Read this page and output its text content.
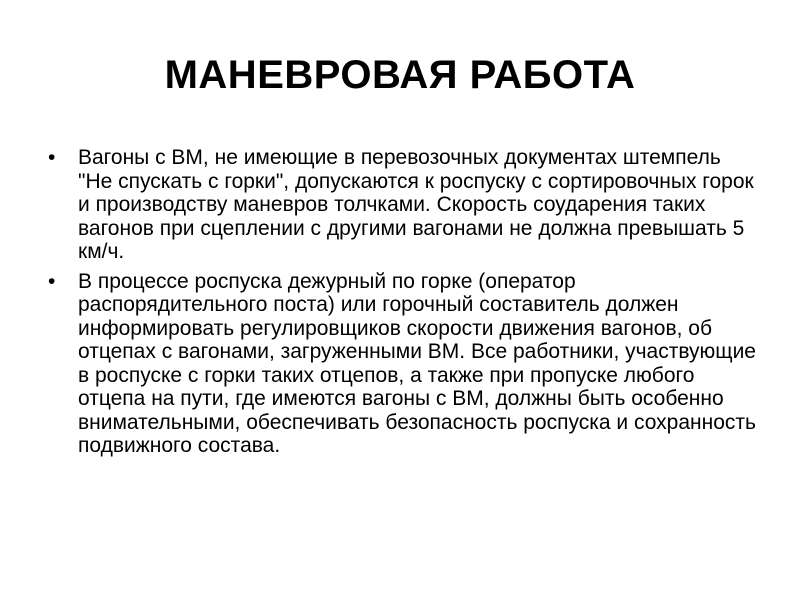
МАНЕВРОВАЯ РАБОТА
•	Вагоны с ВМ, не имеющие в перевозочных документах штемпель "Не спускать с горки", допускаются к роспуску с сортировочных горок и производству маневров толчками. Скорость соударения таких вагонов при сцеплении с другими вагонами не должна превышать 5 км/ч.
•	В процессе роспуска дежурный по горке (оператор распорядительного поста) или горочный составитель должен информировать регулировщиков скорости движения вагонов, об отцепах с вагонами, загруженными ВМ. Все работники, участвующие в роспуске с горки таких отцепов, а также при пропуске любого отцепа на пути, где имеются вагоны с ВМ, должны быть особенно внимательными, обеспечивать безопасность роспуска и сохранность подвижного состава.
